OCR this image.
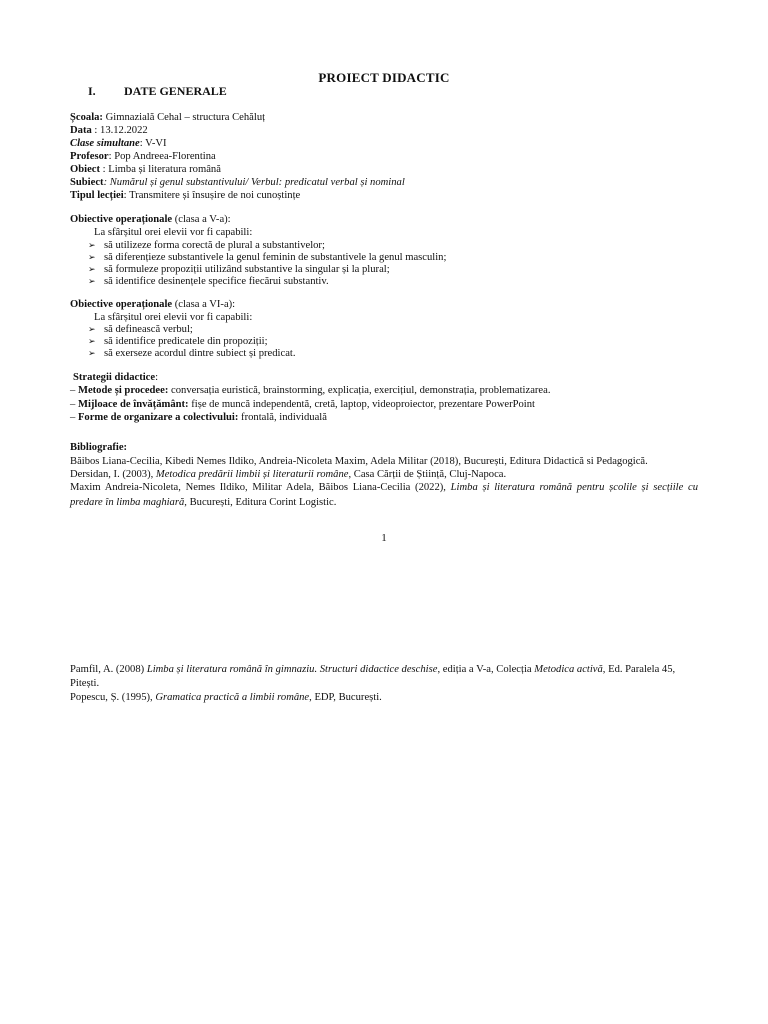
PROIECT DIDACTIC
I. DATE GENERALE
Școala: Gimnazială Cehal – structura Cehăluț
Data : 13.12.2022
Clase simultane: V-VI
Profesor: Pop Andreea-Florentina
Obiect : Limba și literatura română
Subiect: Numărul și genul substantivului/ Verbul: predicatul verbal și nominal
Tipul lecției: Transmitere și însușire de noi cunoștințe
Obiective operaționale (clasa a V-a):
La sfârșitul orei elevii vor fi capabili:
➢ să utilizeze forma corectă de plural a substantivelor;
➢ să diferențieze substantivele la genul feminin de substantivele la genul masculin;
➢ să formuleze propoziții utilizând substantive la singular și la plural;
➢ să identifice desinențele specifice fiecărui substantiv.
Obiective operaționale (clasa a VI-a):
La sfârșitul orei elevii vor fi capabili:
➢ să definească verbul;
➢ să identifice predicatele din propoziții;
➢ să exerseze acordul dintre subiect și predicat.
Strategii didactice:
– Metode și procedee: conversația euristică, brainstorming, explicația, exercițiul, demonstrația, problematizarea.
– Mijloace de învățământ: fișe de muncă independentă, cretă, laptop, videoproiector, prezentare PowerPoint
– Forme de organizare a colectivului: frontală, individuală
Bibliografie:
Băibos Liana-Cecilia, Kibedi Nemes Ildiko, Andreia-Nicoleta Maxim, Adela Militar (2018), București, Editura Didactică si Pedagogică.
Dersidan, I. (2003), Metodica predării limbii și literaturii române, Casa Cărții de Știință, Cluj-Napoca.
Maxim Andreia-Nicoleta, Nemes Ildiko, Militar Adela, Băibos Liana-Cecilia (2022), Limba și literatura română pentru școlile și secțiile cu
predare în limba maghiară, București, Editura Corint Logistic.
1
Pamfil, A. (2008) Limba și literatura română în gimnaziu. Structuri didactice deschise, ediția a V-a, Colecția Metodica activă, Ed. Paralela 45,
Pitești.
Popescu, Ș. (1995), Gramatica practică a limbii române, EDP, București.
